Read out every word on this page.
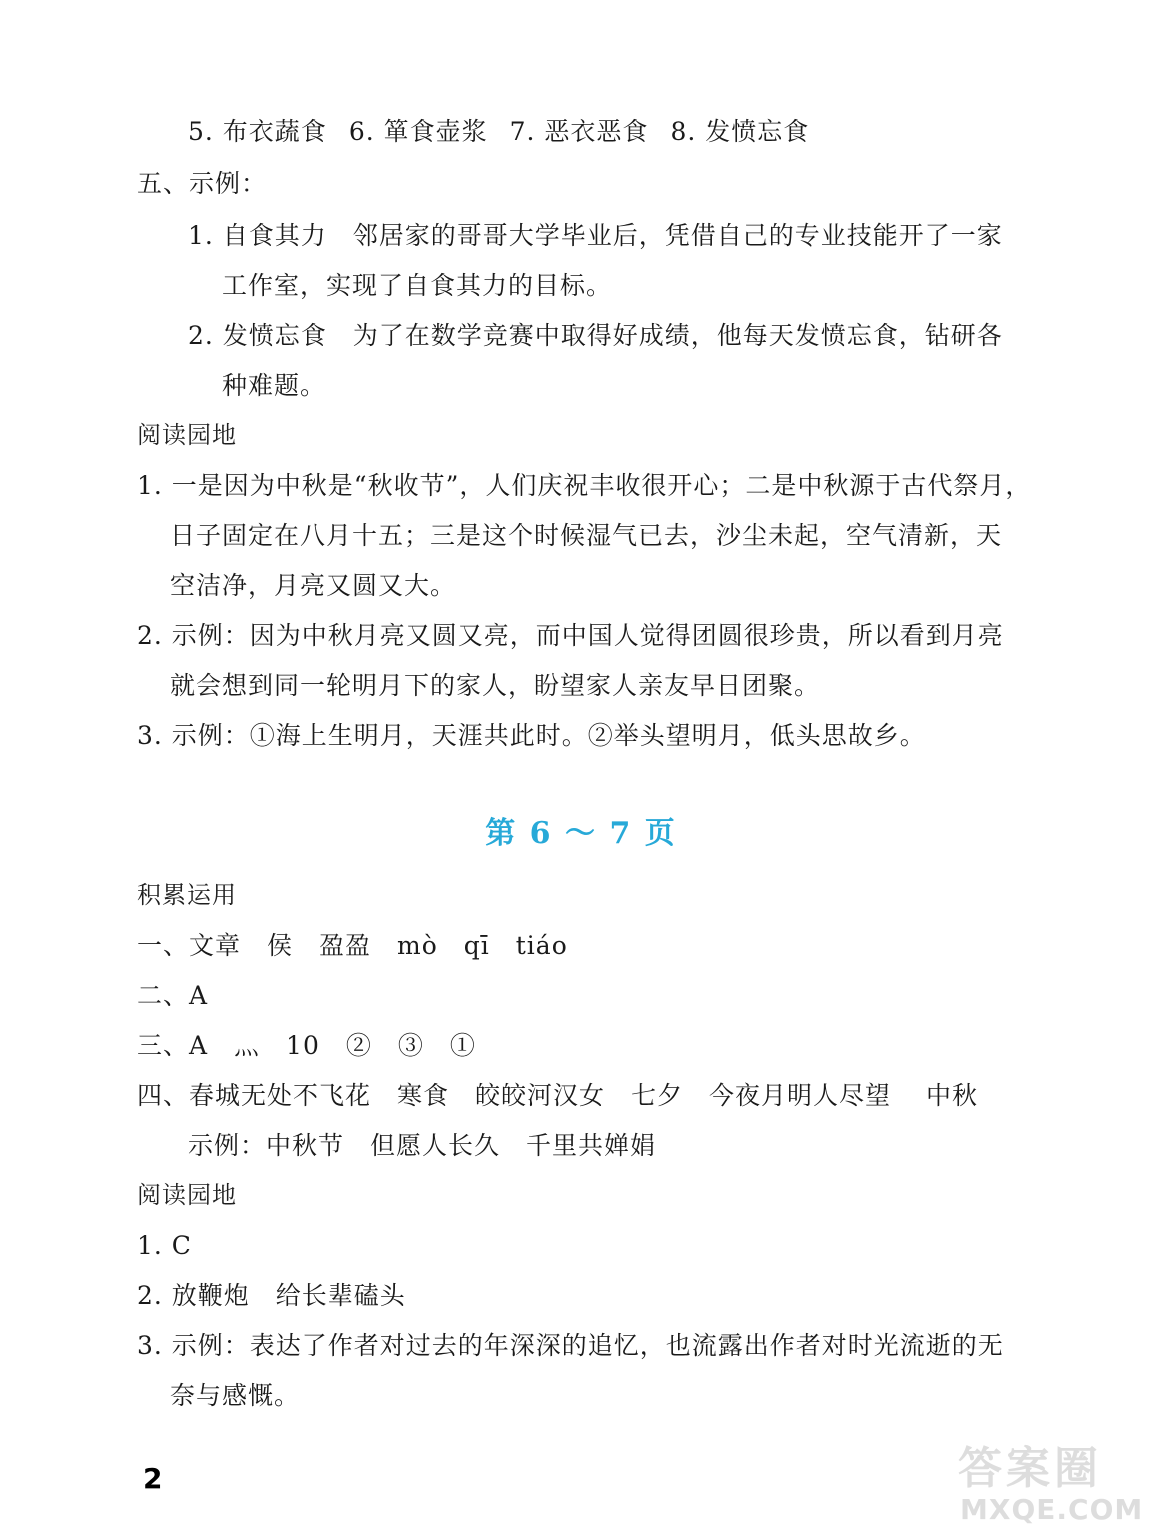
5. 布衣蔬食 6. 箪食壶浆 7. 恶衣恶食 8. 发愤忘食
五、示例：
1. 自食其力　邻居家的哥哥大学毕业后，凭借自己的专业技能开了一家
工作室，实现了自食其力的目标。
2. 发愤忘食　为了在数学竞赛中取得好成绩，他每天发愤忘食，钻研各
种难题。
阅读园地
1. 一是因为中秋是“秋收节”，人们庆祝丰收很开心；二是中秋源于古代祭月，
日子固定在八月十五；三是这个时候湿气已去，沙尘未起，空气清新，天
空洁净，月亮又圆又大。
2. 示例：因为中秋月亮又圆又亮，而中国人觉得团圆很珍贵，所以看到月亮
就会想到同一轮明月下的家人，盼望家人亲友早日团聚。
3. 示例：①海上生明月，天涯共此时。②举头望明月，低头思故乡。
第 6 ～ 7 页
积累运用
一、文章　侯　盈盈　mò　qī　tiáo
二、A
三、A　灬　10　②　③　①
四、春城无处不飞花　寒食　皎皎河汉女　七夕　今夜月明人尽望　 中秋
示例：中秋节　但愿人长久　千里共婵娟
阅读园地
1. C
2. 放鞭炮　给长辈磕头
3. 示例：表达了作者对过去的年深深的追忆，也流露出作者对时光流逝的无
奈与感慨。
2	答案圈
MXQE.COM
